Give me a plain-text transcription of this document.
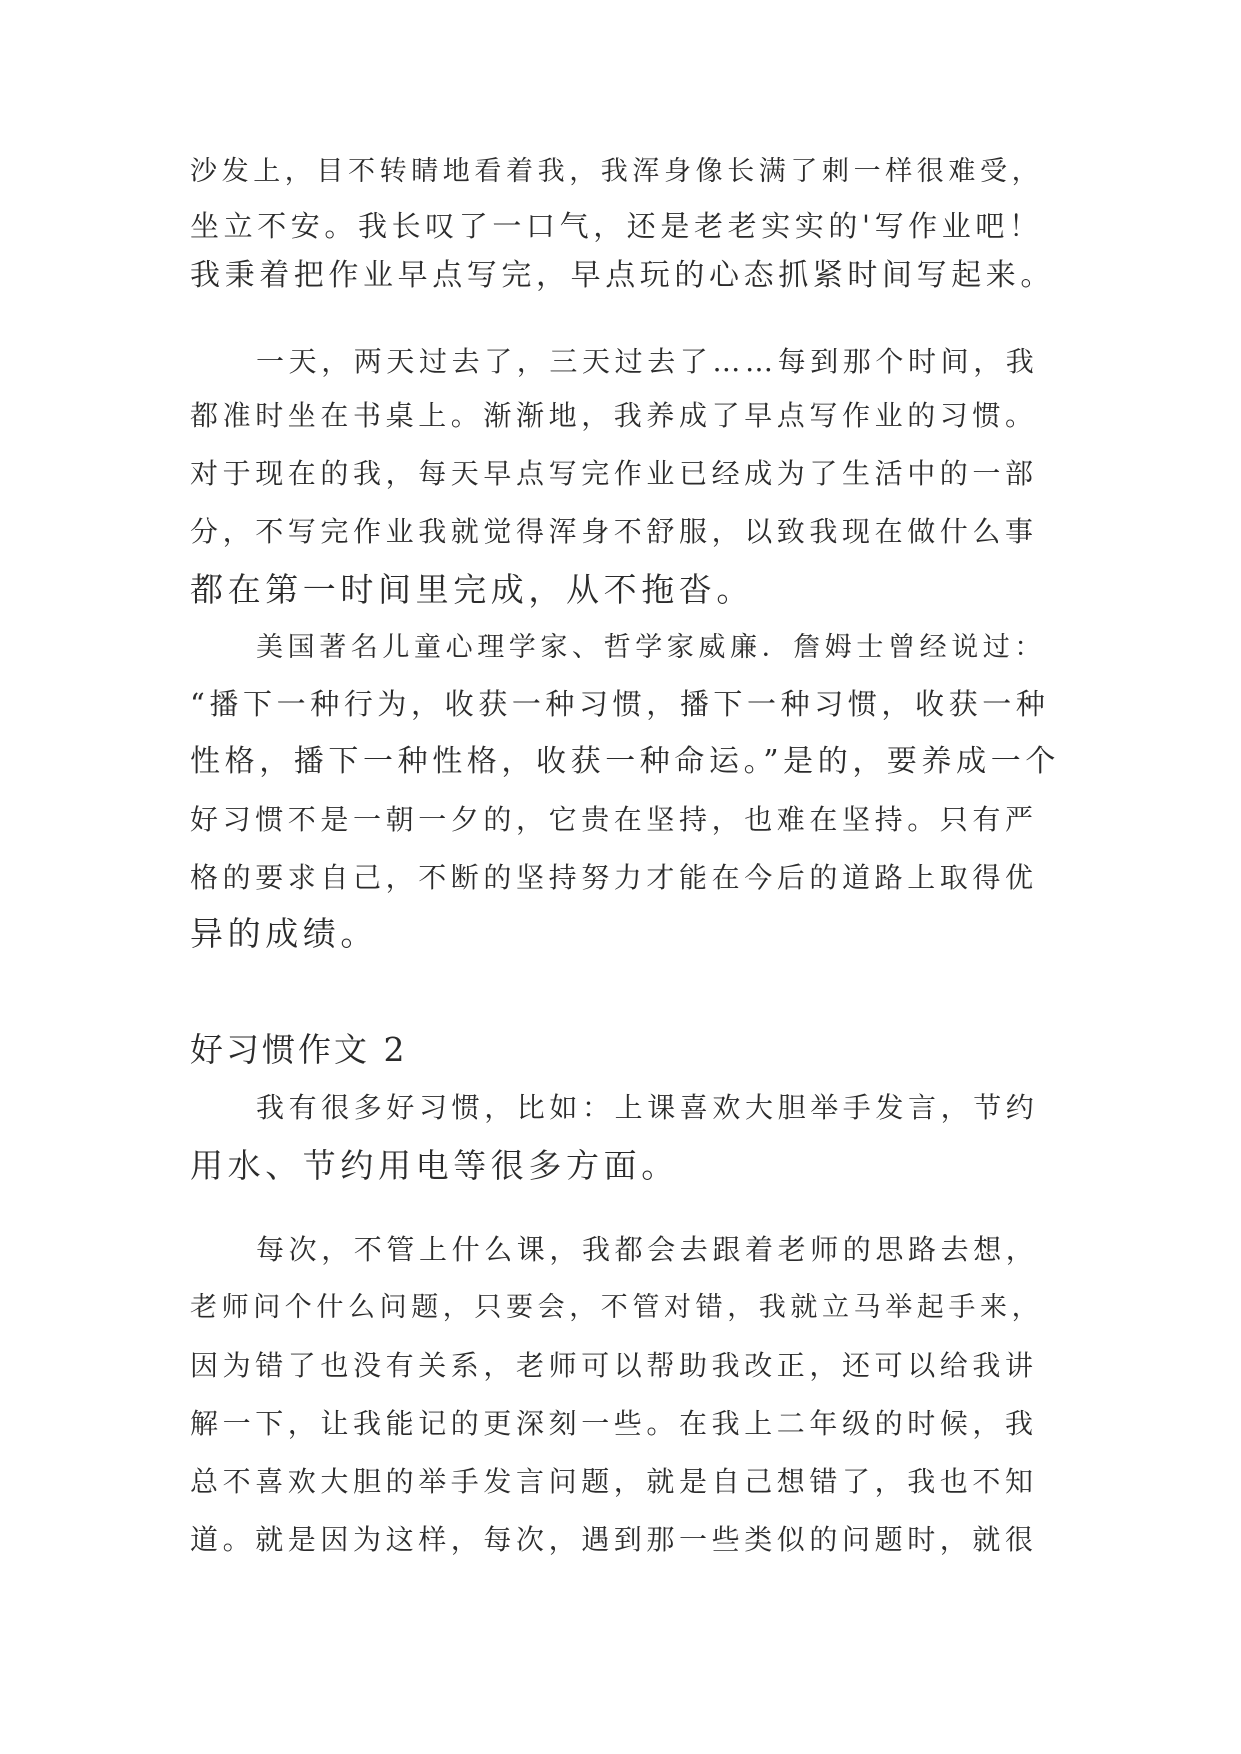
沙发上，目不转睛地看着我，我浑身像长满了刺一样很难受，
坐立不安。我长叹了一口气，还是老老实实的'写作业吧！
我秉着把作业早点写完，早点玩的心态抓紧时间写起来。
一天，两天过去了，三天过去了……每到那个时间，我
都准时坐在书桌上。渐渐地，我养成了早点写作业的习惯。
对于现在的我，每天早点写完作业已经成为了生活中的一部
分，不写完作业我就觉得浑身不舒服，以致我现在做什么事
都在第一时间里完成，从不拖沓。
美国著名儿童心理学家、哲学家威廉．詹姆士曾经说过：
“播下一种行为，收获一种习惯，播下一种习惯，收获一种
性格，播下一种性格，收获一种命运。”是的，要养成一个
好习惯不是一朝一夕的，它贵在坚持，也难在坚持。只有严
格的要求自己，不断的坚持努力才能在今后的道路上取得优
异的成绩。
好习惯作文 2
我有很多好习惯，比如：上课喜欢大胆举手发言，节约
用水、节约用电等很多方面。
每次，不管上什么课，我都会去跟着老师的思路去想，
老师问个什么问题，只要会，不管对错，我就立马举起手来，
因为错了也没有关系，老师可以帮助我改正，还可以给我讲
解一下，让我能记的更深刻一些。在我上二年级的时候，我
总不喜欢大胆的举手发言问题，就是自己想错了，我也不知
道。就是因为这样，每次，遇到那一些类似的问题时，就很
